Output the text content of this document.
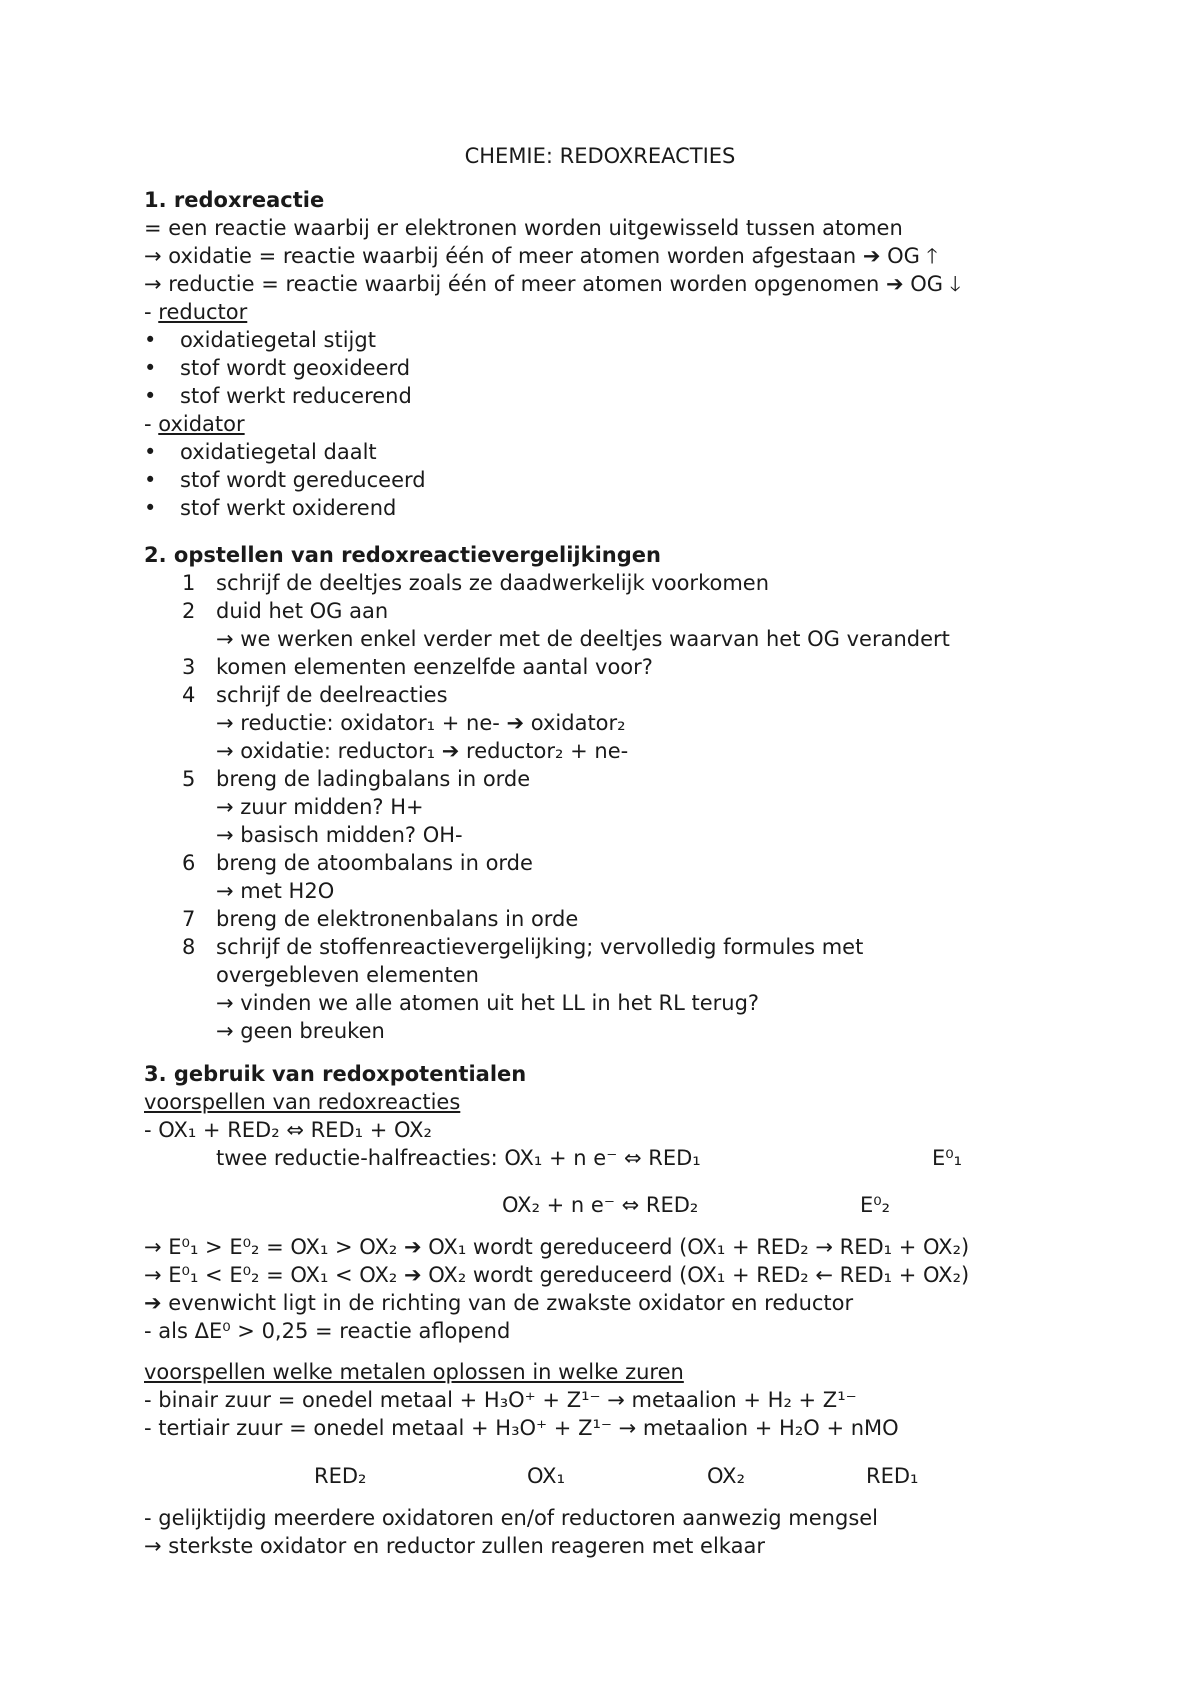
CHEMIE: REDOXREACTIES
1. redoxreactie
= een reactie waarbij er elektronen worden uitgewisseld tussen atomen
→ oxidatie = reactie waarbij één of meer atomen worden afgestaan ➔ OG 🡑
→ reductie = reactie waarbij één of meer atomen worden opgenomen ➔ OG 🡓
- reductor
• oxidatiegetal stijgt
• stof wordt geoxideerd
• stof werkt reducerend
- oxidator
• oxidatiegetal daalt
• stof wordt gereduceerd
• stof werkt oxiderend
2. opstellen van redoxreactievergelijkingen
1 schrijf de deeltjes zoals ze daadwerkelijk voorkomen
2 duid het OG aan
→ we werken enkel verder met de deeltjes waarvan het OG verandert
3 komen elementen eenzelfde aantal voor?
4 schrijf de deelreacties
→ reductie: oxidator₁ + ne- ➔ oxidator₂
→ oxidatie: reductor₁ ➔ reductor₂ + ne-
5 breng de ladingbalans in orde
→ zuur midden? H+
→ basisch midden? OH-
6 breng de atoombalans in orde
→ met H2O
7 breng de elektronenbalans in orde
8 schrijf de stoffenreactievergelijking; vervolledig formules met
overgebleven elementen
→ vinden we alle atomen uit het LL in het RL terug?
→ geen breuken
3. gebruik van redoxpotentialen
voorspellen van redoxreacties
- OX₁ + RED₂ ⇔ RED₁ + OX₂
twee reductie-halfreacties: OX₁ + n e⁻ ⇔ RED₁	E⁰₁
OX₂ + n e⁻ ⇔ RED₂	E⁰₂
→ E⁰₁ > E⁰₂ = OX₁ > OX₂ ➔ OX₁ wordt gereduceerd (OX₁ + RED₂ → RED₁ + OX₂)
→ E⁰₁ < E⁰₂ = OX₁ < OX₂ ➔ OX₂ wordt gereduceerd (OX₁ + RED₂ ← RED₁ + OX₂)
➔ evenwicht ligt in de richting van de zwakste oxidator en reductor
- als ΔE⁰ > 0,25 = reactie aflopend
voorspellen welke metalen oplossen in welke zuren
- binair zuur = onedel metaal + H₃O⁺ + Z¹⁻ → metaalion + H₂ + Z¹⁻
- tertiair zuur = onedel metaal + H₃O⁺ + Z¹⁻ → metaalion + H₂O + nMO
RED₂	OX₁	OX₂	RED₁
- gelijktijdig meerdere oxidatoren en/of reductoren aanwezig mengsel
→ sterkste oxidator en reductor zullen reageren met elkaar
